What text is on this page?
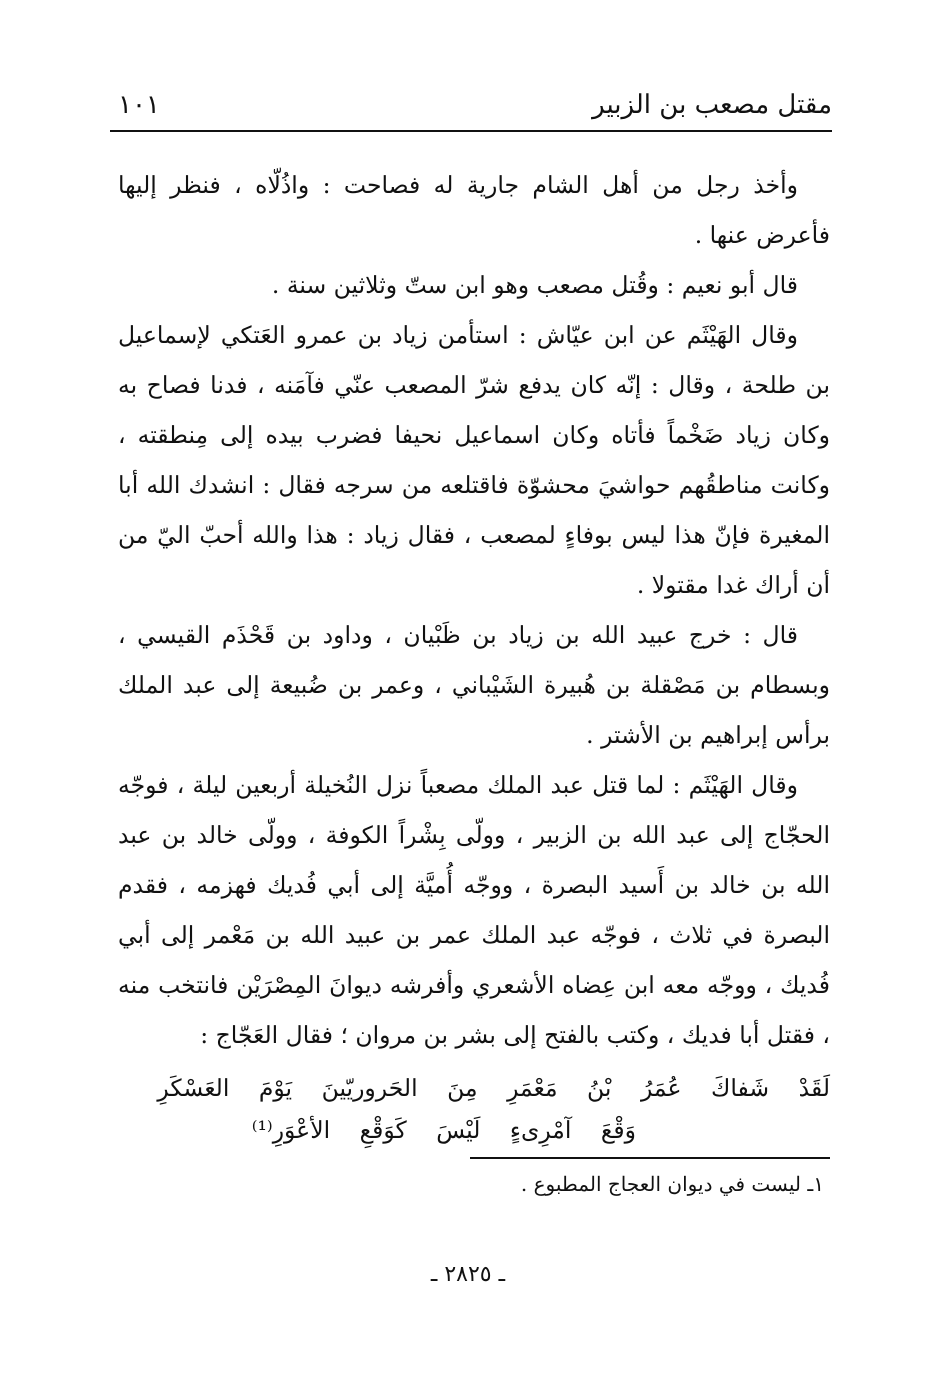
مقتل مصعب بن الزبير
١٠١

وأخذ رجل من أهل الشام جارية له فصاحت : واذُلّاه ، فنظر إليها فأعرض عنها .

قال أبو نعيم : وقُتل مصعب وهو ابن ستّ وثلاثين سنة .

وقال الهَيْثَم عن ابن عيّاش : استأمن زياد بن عمرو العَتكي لإسماعيل بن طلحة ، وقال : إنّه كان يدفع شرّ المصعب عنّي فآمَنه ، فدنا فصاح به وكان زياد ضَخْماً فأتاه وكان اسماعيل نحيفا فضرب بيده إلى مِنطقته ، وكانت مناطقُهم حواشيَ محشوّة فاقتلعه من سرجه فقال : انشدك الله أبا المغيرة فإنّ هذا ليس بوفاءٍ لمصعب ، فقال زياد : هذا والله أحبّ اليّ من أن أراك غدا مقتولا .

قال : خرج عبيد الله بن زياد بن ظَبْيان ، وداود بن قَحْذَم القيسي ، وبسطام بن مَصْقلة بن هُبيرة الشَيْباني ، وعمر بن ضُبيعة إلى عبد الملك برأس إبراهيم بن الأشتر .

وقال الهَيْثَم : لما قتل عبد الملك مصعباً نزل النُخيلة أربعين ليلة ، فوجّه الحجّاج إلى عبد الله بن الزبير ، وولّى بِشْراً الكوفة ، وولّى خالد بن عبد الله بن خالد بن أَسيد البصرة ، ووجّه أُميَّة إلى أبي فُديك فهزمه ، فقدم البصرة في ثلاث ، فوجّه عبد الملك عمر بن عبيد الله بن مَعْمر إلى أبي فُديك ، ووجّه معه ابن عِضاه الأشعري وأفرشه ديوانَ المِصْرَيْن فانتخب منه ، فقتل أبا فديك ، وكتب بالفتح إلى بشر بن مروان ؛ فقال العَجّاج :

لَقَدْ شَفاكَ عُمَرُ بْنُ مَعْمَرِ مِنَ الحَروريّينَ يَوْمَ العَسْكَرِ
وَقْعَ آمْرِىءٍ لَيْسَ كَوَقْعِ الأعْوَرِ⁽¹⁾
١ـ ليست في ديوان العجاج المطبوع .
ـ ٢٨٢٥ ـ
